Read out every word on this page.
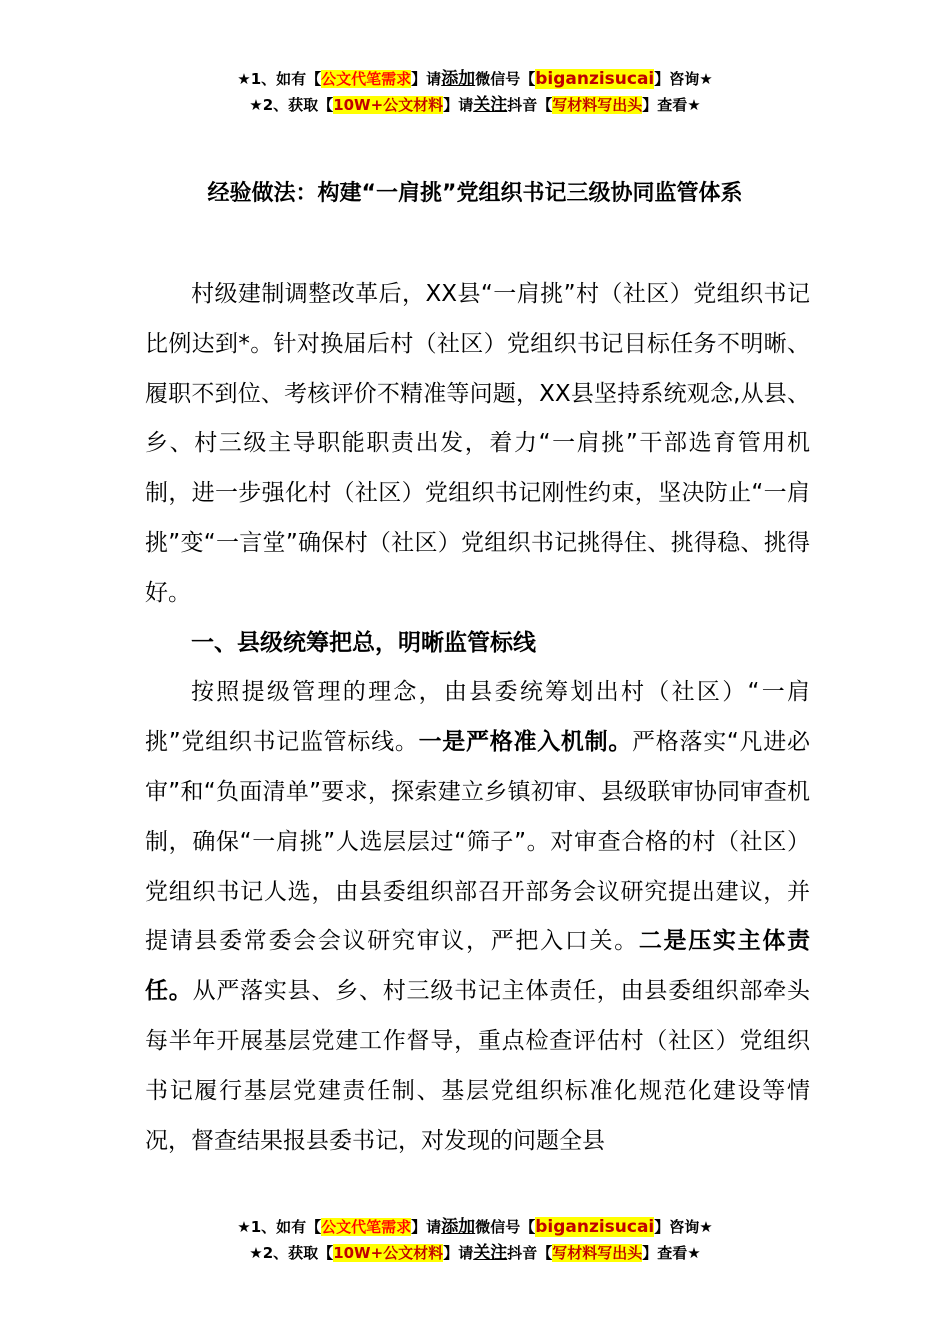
★1、如有【公文代笔需求】请添加微信号【biganzisucai】咨询★
★2、获取【10W+公文材料】请关注抖音【写材料写出头】查看★
经验做法：构建“一肩挑”党组织书记三级协同监管体系

村级建制调整改革后，XX县“一肩挑”村（社区）党组织书记比例达到*。针对换届后村（社区）党组织书记目标任务不明晰、履职不到位、考核评价不精准等问题，XX县坚持系统观念,从县、乡、村三级主导职能职责出发，着力“一肩挑”干部选育管用机制，进一步强化村（社区）党组织书记刚性约束，坚决防止“一肩挑”变“一言堂”确保村（社区）党组织书记挑得住、挑得稳、挑得好。

一、县级统筹把总，明晰监管标线

按照提级管理的理念，由县委统筹划出村（社区）“一肩挑”党组织书记监管标线。一是严格准入机制。严格落实“凡进必审”和“负面清单”要求，探索建立乡镇初审、县级联审协同审查机制，确保“一肩挑”人选层层过“筛子”。对审查合格的村（社区）党组织书记人选，由县委组织部召开部务会议研究提出建议，并提请县委常委会会议研究审议，严把入口关。二是压实主体责任。从严落实县、乡、村三级书记主体责任，由县委组织部牵头每半年开展基层党建工作督导，重点检查评估村（社区）党组织书记履行基层党建责任制、基层党组织标准化规范化建设等情况，督查结果报县委书记，对发现的问题全县

★1、如有【公文代笔需求】请添加微信号【biganzisucai】咨询★
★2、获取【10W+公文材料】请关注抖音【写材料写出头】查看★
